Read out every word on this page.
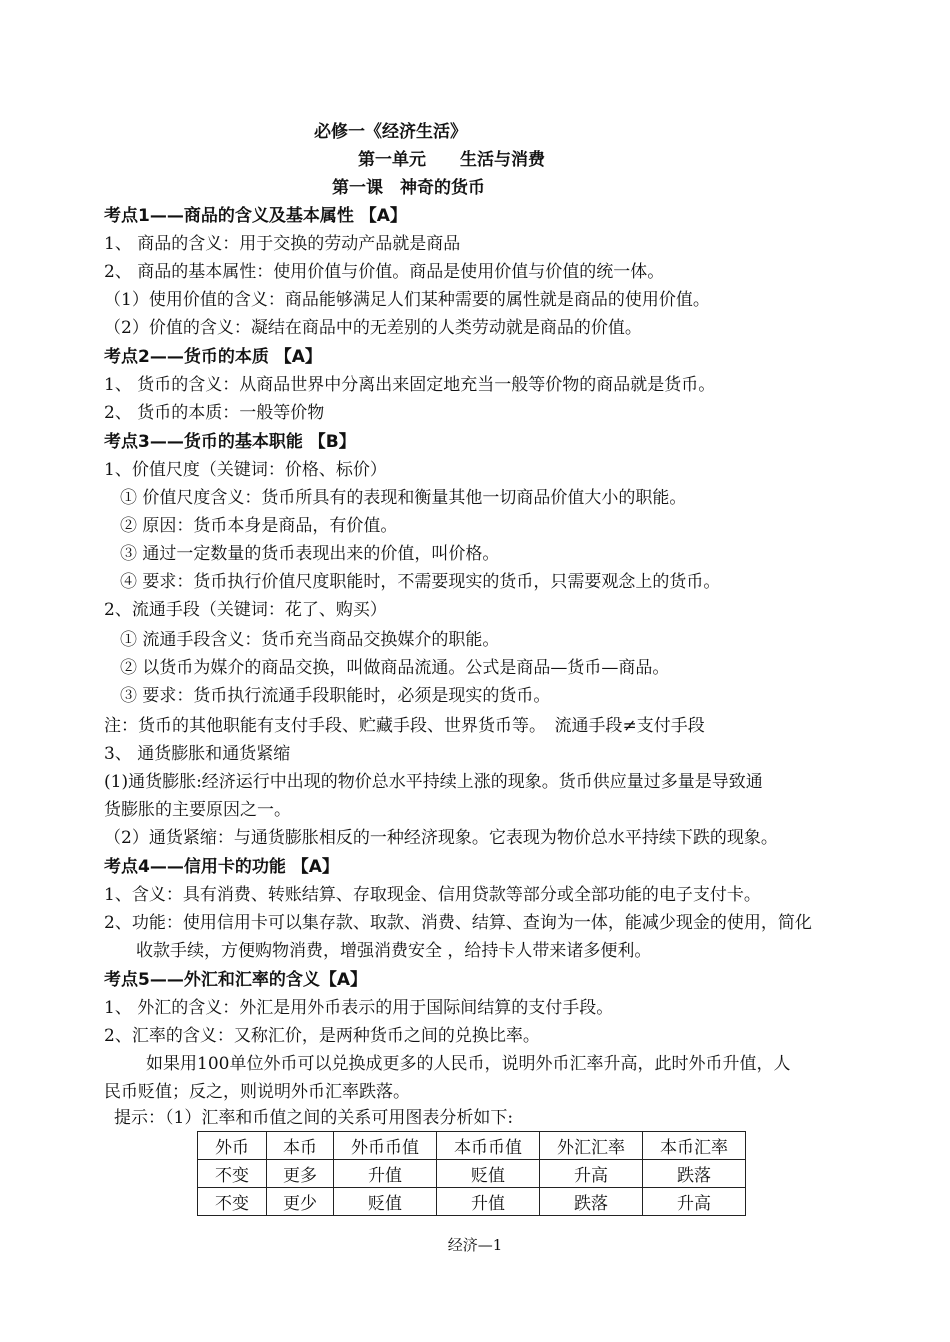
必修一《经济生活》
第一单元　　生活与消费
第一课　神奇的货币
考点1——商品的含义及基本属性 【A】
1、 商品的含义：用于交换的劳动产品就是商品
2、 商品的基本属性：使用价值与价值。商品是使用价值与价值的统一体。
（1）使用价值的含义：商品能够满足人们某种需要的属性就是商品的使用价值。
（2）价值的含义：凝结在商品中的无差别的人类劳动就是商品的价值。
考点2——货币的本质 【A】
1、 货币的含义：从商品世界中分离出来固定地充当一般等价物的商品就是货币。
2、 货币的本质：一般等价物
考点3——货币的基本职能 【B】
1、价值尺度（关键词：价格、标价）
① 价值尺度含义：货币所具有的表现和衡量其他一切商品价值大小的职能。
② 原因：货币本身是商品，有价值。
③ 通过一定数量的货币表现出来的价值，叫价格。
④ 要求：货币执行价值尺度职能时，不需要现实的货币，只需要观念上的货币。
2、流通手段（关键词：花了、购买）
① 流通手段含义：货币充当商品交换媒介的职能。
② 以货币为媒介的商品交换，叫做商品流通。公式是商品—货币—商品。
③ 要求：货币执行流通手段职能时，必须是现实的货币。
注：货币的其他职能有支付手段、贮藏手段、世界货币等。　流通手段≠支付手段
3、 通货膨胀和通货紧缩
(1)通货膨胀:经济运行中出现的物价总水平持续上涨的现象。货币供应量过多量是导致通
货膨胀的主要原因之一。
（2）通货紧缩：与通货膨胀相反的一种经济现象。它表现为物价总水平持续下跌的现象。
考点4——信用卡的功能 【A】
1、含义：具有消费、转账结算、存取现金、信用贷款等部分或全部功能的电子支付卡。
2、功能：使用信用卡可以集存款、取款、消费、结算、查询为一体，能减少现金的使用，简化
收款手续，方便购物消费，增强消费安全 ，给持卡人带来诸多便利。
考点5——外汇和汇率的含义【A】
1、 外汇的含义：外汇是用外币表示的用于国际间结算的支付手段。
2、汇率的含义：又称汇价，是两种货币之间的兑换比率。
如果用100单位外币可以兑换成更多的人民币，说明外币汇率升高，此时外币升值，人
民币贬值；反之，则说明外币汇率跌落。
提示：（1）汇率和币值之间的关系可用图表分析如下:
外币	本币	外币币值	本币币值	外汇汇率	本币汇率
不变	更多	升值	贬值	升高	跌落
不变	更少	贬值	升值	跌落	升高
经济—1
